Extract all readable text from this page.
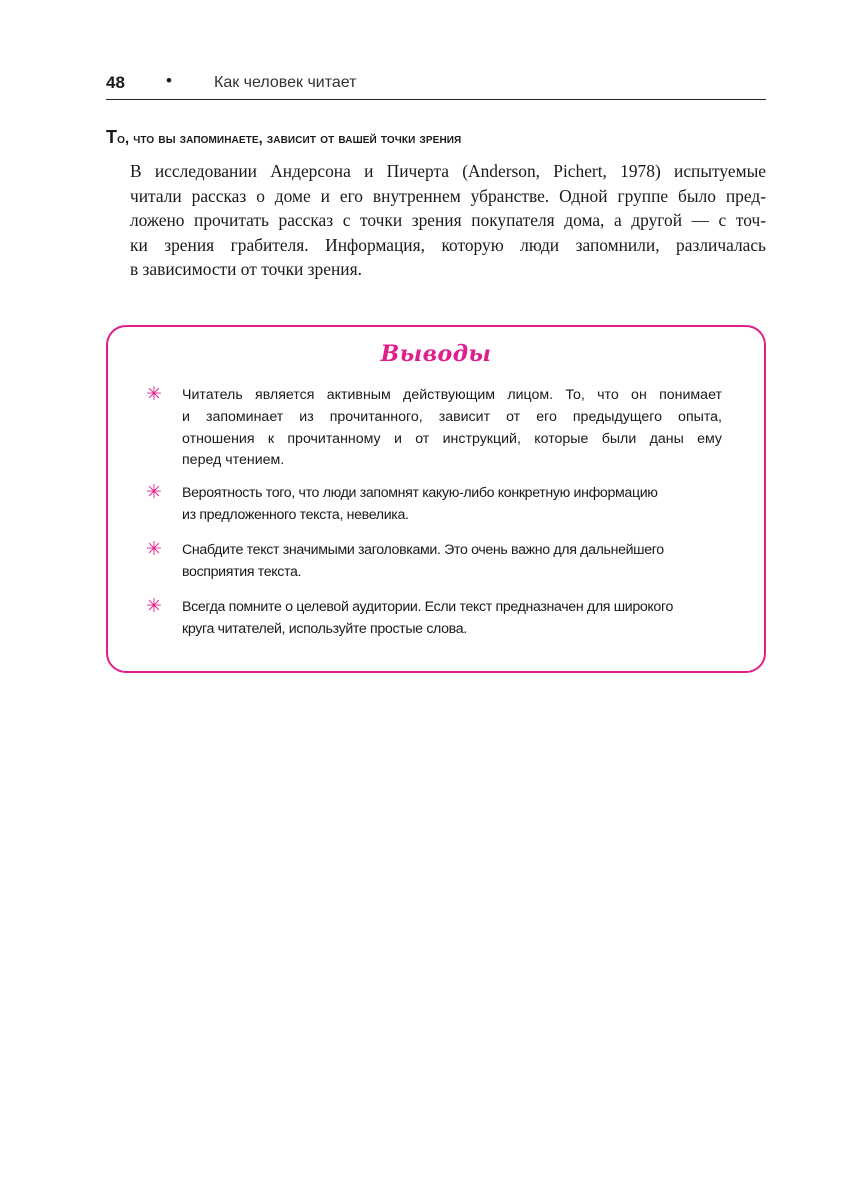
48 •	Как человек читает
То, что вы запоминаете, зависит от вашей точки зрения
В исследовании Андерсона и Пичерта (Anderson, Pichert, 1978) испытуемые
читали рассказ о доме и его внутреннем убранстве. Одной группе было пред-
ложено прочитать рассказ с точки зрения покупателя дома, а другой — с точ-
ки зрения грабителя. Информация, которую люди запомнили, различалась
в зависимости от точки зрения.
Выводы
✳ Читатель является активным действующим лицом. То, что он понимает
и запоминает из прочитанного, зависит от его предыдущего опыта,
отношения к прочитанному и от инструкций, которые были даны ему
перед чтением.
✳ Вероятность того, что люди запомнят какую-либо конкретную информацию
из предложенного текста, невелика.
✳ Снабдите текст значимыми заголовками. Это очень важно для дальнейшего
восприятия текста.
✳ Всегда помните о целевой аудитории. Если текст предназначен для широкого
круга читателей, используйте простые слова.
